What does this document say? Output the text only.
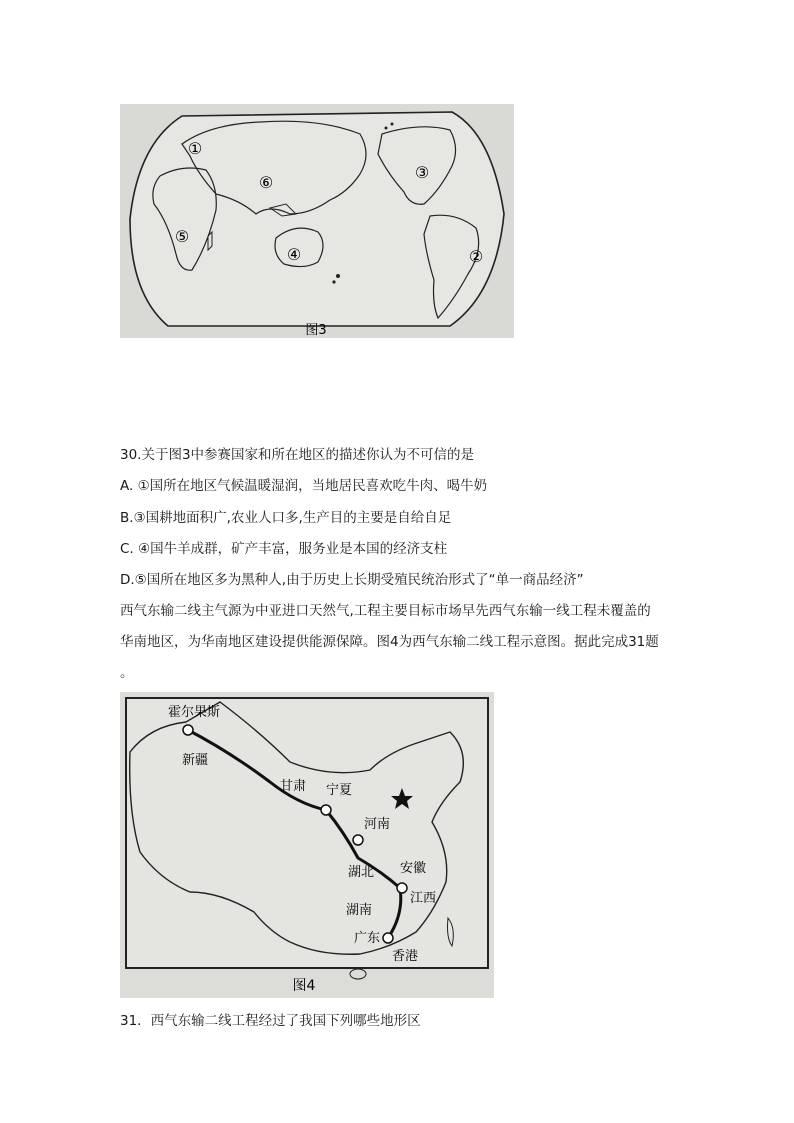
①
②
③
④
⑤
⑥
图3
30.关于图3中参赛国家和所在地区的描述你认为不可信的是
A. ①国所在地区气候温暖湿润，当地居民喜欢吃牛肉、喝牛奶
B.③国耕地面积广,农业人口多,生产目的主要是自给自足
C. ④国牛羊成群，矿产丰富，服务业是本国的经济支柱
D.⑤国所在地区多为黑种人,由于历史上长期受殖民统治形式了“单一商品经济”
西气东输二线主气源为中亚进口天然气,工程主要目标市场早先西气东输一线工程未覆盖的
华南地区，为华南地区建设提供能源保障。图4为西气东输二线工程示意图。据此完成31题
。
霍尔果斯
新疆
甘肃 宁夏
河南
安徽
湖北
江西
湖南
广东
香港
图4
31．西气东输二线工程经过了我国下列哪些地形区
